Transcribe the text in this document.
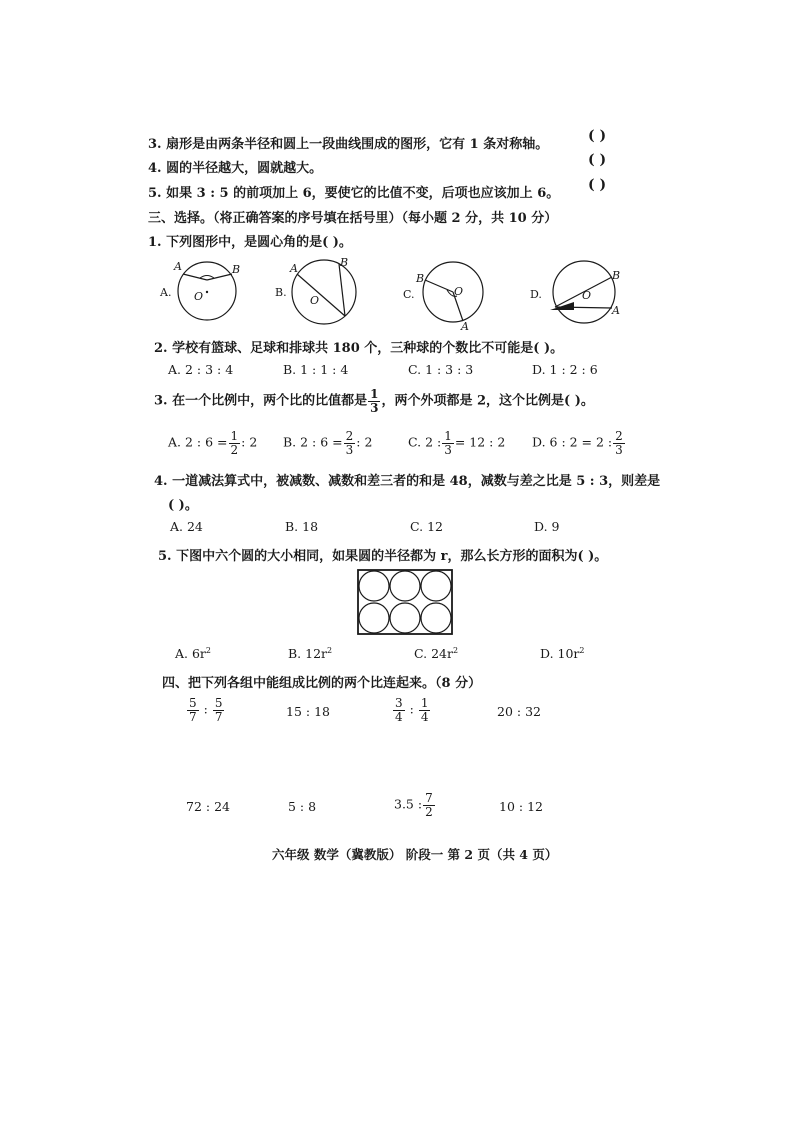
3. 扇形是由两条半径和圆上一段曲线围成的图形，它有 1 条对称轴。
( )
4. 圆的半径越大，圆就越大。
( )
5. 如果 3 : 5 的前项加上 6，要使它的比值不变，后项也应该加上 6。
( )
三、选择。（将正确答案的序号填在括号里）（每小题 2 分，共 10 分）
1. 下列图形中，是圆心角的是( )。
A.
A	B
O	B.
A	B
O	C.
B
A
O	D.
B
A
O
2. 学校有篮球、足球和排球共 180 个，三种球的个数比不可能是( )。
A. 2 : 3 : 4	B. 1 : 1 : 4	C. 1 : 3 : 3	D. 1 : 2 : 6
3. 在一个比例中，两个比的比值都是 $\frac{1}{3}$ ，两个外项都是 2，这个比例是( )。
A. 2 : $6 = \frac{1}{2}$ : 2 B. 2 : $6 = \frac{2}{3}$ : 2	C. 2 : $\frac{1}{3} = 12$ : 2 D. 6 : 2 = 2 : $\frac{2}{3}$
4. 一道减法算式中，被减数、减数和差三者的和是 48，减数与差之比是 5 : 3，则差是
( )。
A. 24	B. 18	C. 12	D. 9
5. 下图中六个圆的大小相同，如果圆的半径都为 r，那么长方形的面积为( )。
A. $6r^2$	B. $12r^2$	C. $24r^2$	D. $10r^2$
四、把下列各组中能组成比例的两个比连起来。（8 分）
$\frac{5}{7}$ : $\frac{5}{7}$	15 : 18	$\frac{3}{4}$ : $\frac{1}{4}$	20 : 32
72 : 24	5 : 8	3.5 : $\frac{7}{2}$	10 : 12
六年级 数学（冀教版） 阶段一 第 2 页（共 4 页）
